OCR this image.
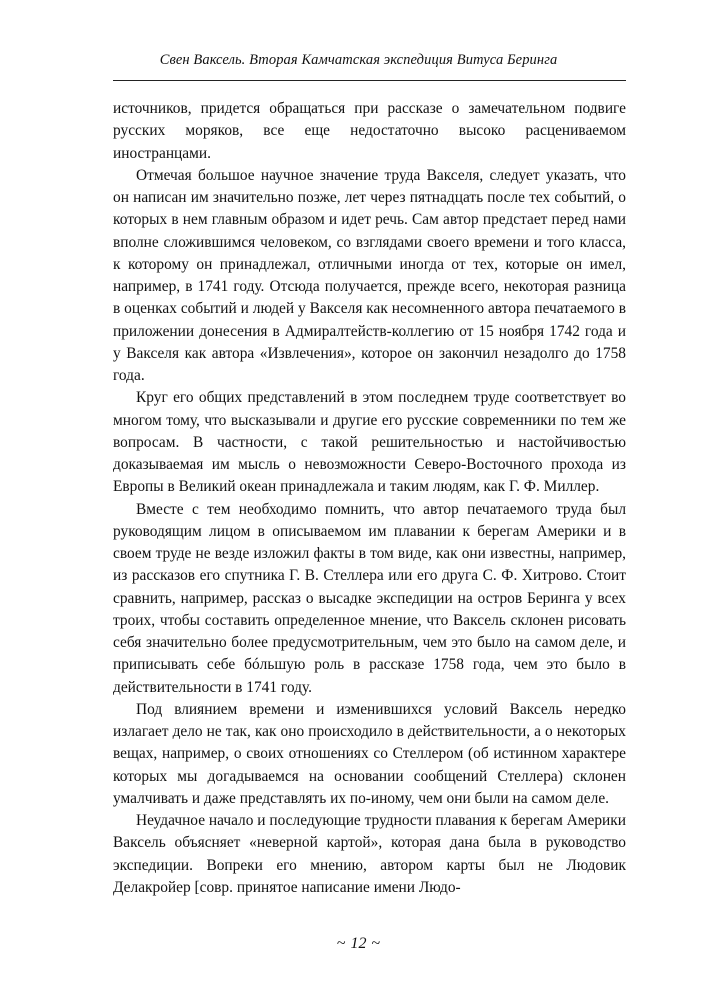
Свен Ваксель. Вторая Камчатская экспедиция Витуса Беринга

источников, придется обращаться при рассказе о замечательном подвиге русских моряков, все еще недостаточно высоко расцениваемом иностранцами.

Отмечая большое научное значение труда Вакселя, следует указать, что он написан им значительно позже, лет через пятнадцать после тех событий, о которых в нем главным образом и идет речь. Сам автор предстает перед нами вполне сложившимся человеком, со взглядами своего времени и того класса, к которому он принадлежал, отличными иногда от тех, которые он имел, например, в 1741 году. Отсюда получается, прежде всего, некоторая разница в оценках событий и людей у Вакселя как несомненного автора печатаемого в приложении донесения в Адмиралтейств-коллегию от 15 ноября 1742 года и у Вакселя как автора «Извлечения», которое он закончил незадолго до 1758 года.

Круг его общих представлений в этом последнем труде соответствует во многом тому, что высказывали и другие его русские современники по тем же вопросам. В частности, с такой решительностью и настойчивостью доказываемая им мысль о невозможности Северо-Восточного прохода из Европы в Великий океан принадлежала и таким людям, как Г. Ф. Миллер.

Вместе с тем необходимо помнить, что автор печатаемого труда был руководящим лицом в описываемом им плавании к берегам Америки и в своем труде не везде изложил факты в том виде, как они известны, например, из рассказов его спутника Г. В. Стеллера или его друга С. Ф. Хитрово. Стоит сравнить, например, рассказ о высадке экспедиции на остров Беринга у всех троих, чтобы составить определенное мнение, что Ваксель склонен рисовать себя значительно более предусмотрительным, чем это было на самом деле, и приписывать себе бóльшую роль в рассказе 1758 года, чем это было в действительности в 1741 году.

Под влиянием времени и изменившихся условий Ваксель нередко излагает дело не так, как оно происходило в действительности, а о некоторых вещах, например, о своих отношениях со Стеллером (об истинном характере которых мы догадываемся на основании сообщений Стеллера) склонен умалчивать и даже представлять их по-иному, чем они были на самом деле.

Неудачное начало и последующие трудности плавания к берегам Америки Ваксель объясняет «неверной картой», которая дана была в руководство экспедиции. Вопреки его мнению, автором карты был не Людовик Делакройер [совр. принятое написание имени Людо-

~ 12 ~
